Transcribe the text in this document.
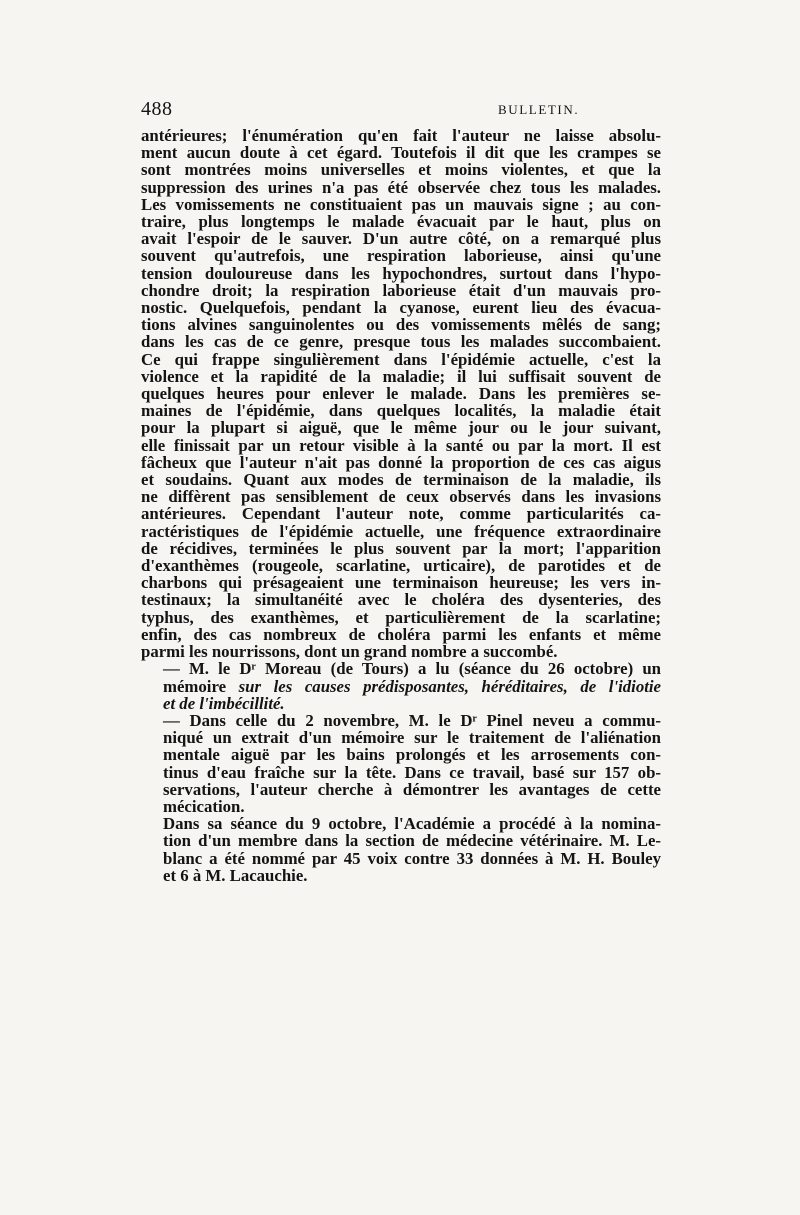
488	BULLETIN.

antérieures; l'énumération qu'en fait l'auteur ne laisse absolu-
ment aucun doute à cet égard. Toutefois il dit que les crampes se
sont montrées moins universelles et moins violentes, et que la
suppression des urines n'a pas été observée chez tous les malades.
Les vomissements ne constituaient pas un mauvais signe ; au con-
traire, plus longtemps le malade évacuait par le haut, plus on
avait l'espoir de le sauver. D'un autre côté, on a remarqué plus
souvent qu'autrefois, une respiration laborieuse, ainsi qu'une
tension douloureuse dans les hypochondres, surtout dans l'hypo-
chondre droit; la respiration laborieuse était d'un mauvais pro-
nostic. Quelquefois, pendant la cyanose, eurent lieu des évacua-
tions alvines sanguinolentes ou des vomissements mêlés de sang;
dans les cas de ce genre, presque tous les malades succombaient.
Ce qui frappe singulièrement dans l'épidémie actuelle, c'est la
violence et la rapidité de la maladie; il lui suffisait souvent de
quelques heures pour enlever le malade. Dans les premières se-
maines de l'épidémie, dans quelques localités, la maladie était
pour la plupart si aiguë, que le même jour ou le jour suivant,
elle finissait par un retour visible à la santé ou par la mort. Il est
fâcheux que l'auteur n'ait pas donné la proportion de ces cas aigus
et soudains. Quant aux modes de terminaison de la maladie, ils
ne diffèrent pas sensiblement de ceux observés dans les invasions
antérieures. Cependant l'auteur note, comme particularités ca-
ractéristiques de l'épidémie actuelle, une fréquence extraordinaire
de récidives, terminées le plus souvent par la mort; l'apparition
d'exanthèmes (rougeole, scarlatine, urticaire), de parotides et de
charbons qui présageaient une terminaison heureuse; les vers in-
testinaux; la simultanéité avec le choléra des dysenteries, des
typhus, des exanthèmes, et particulièrement de la scarlatine;
enfin, des cas nombreux de choléra parmi les enfants et même
parmi les nourrissons, dont un grand nombre a succombé.

— M. le Dʳ Moreau (de Tours) a lu (séance du 26 octobre) un
mémoire sur les causes prédisposantes, héréditaires, de l'idiotie
et de l'imbécillité.

— Dans celle du 2 novembre, M. le Dʳ Pinel neveu a commu-
niqué un extrait d'un mémoire sur le traitement de l'aliénation
mentale aiguë par les bains prolongés et les arrosements con-
tinus d'eau fraîche sur la tête. Dans ce travail, basé sur 157 ob-
servations, l'auteur cherche à démontrer les avantages de cette
mécication.

Dans sa séance du 9 octobre, l'Académie a procédé à la nomina-
tion d'un membre dans la section de médecine vétérinaire. M. Le-
blanc a été nommé par 45 voix contre 33 données à M. H. Bouley
et 6 à M. Lacauchie.
